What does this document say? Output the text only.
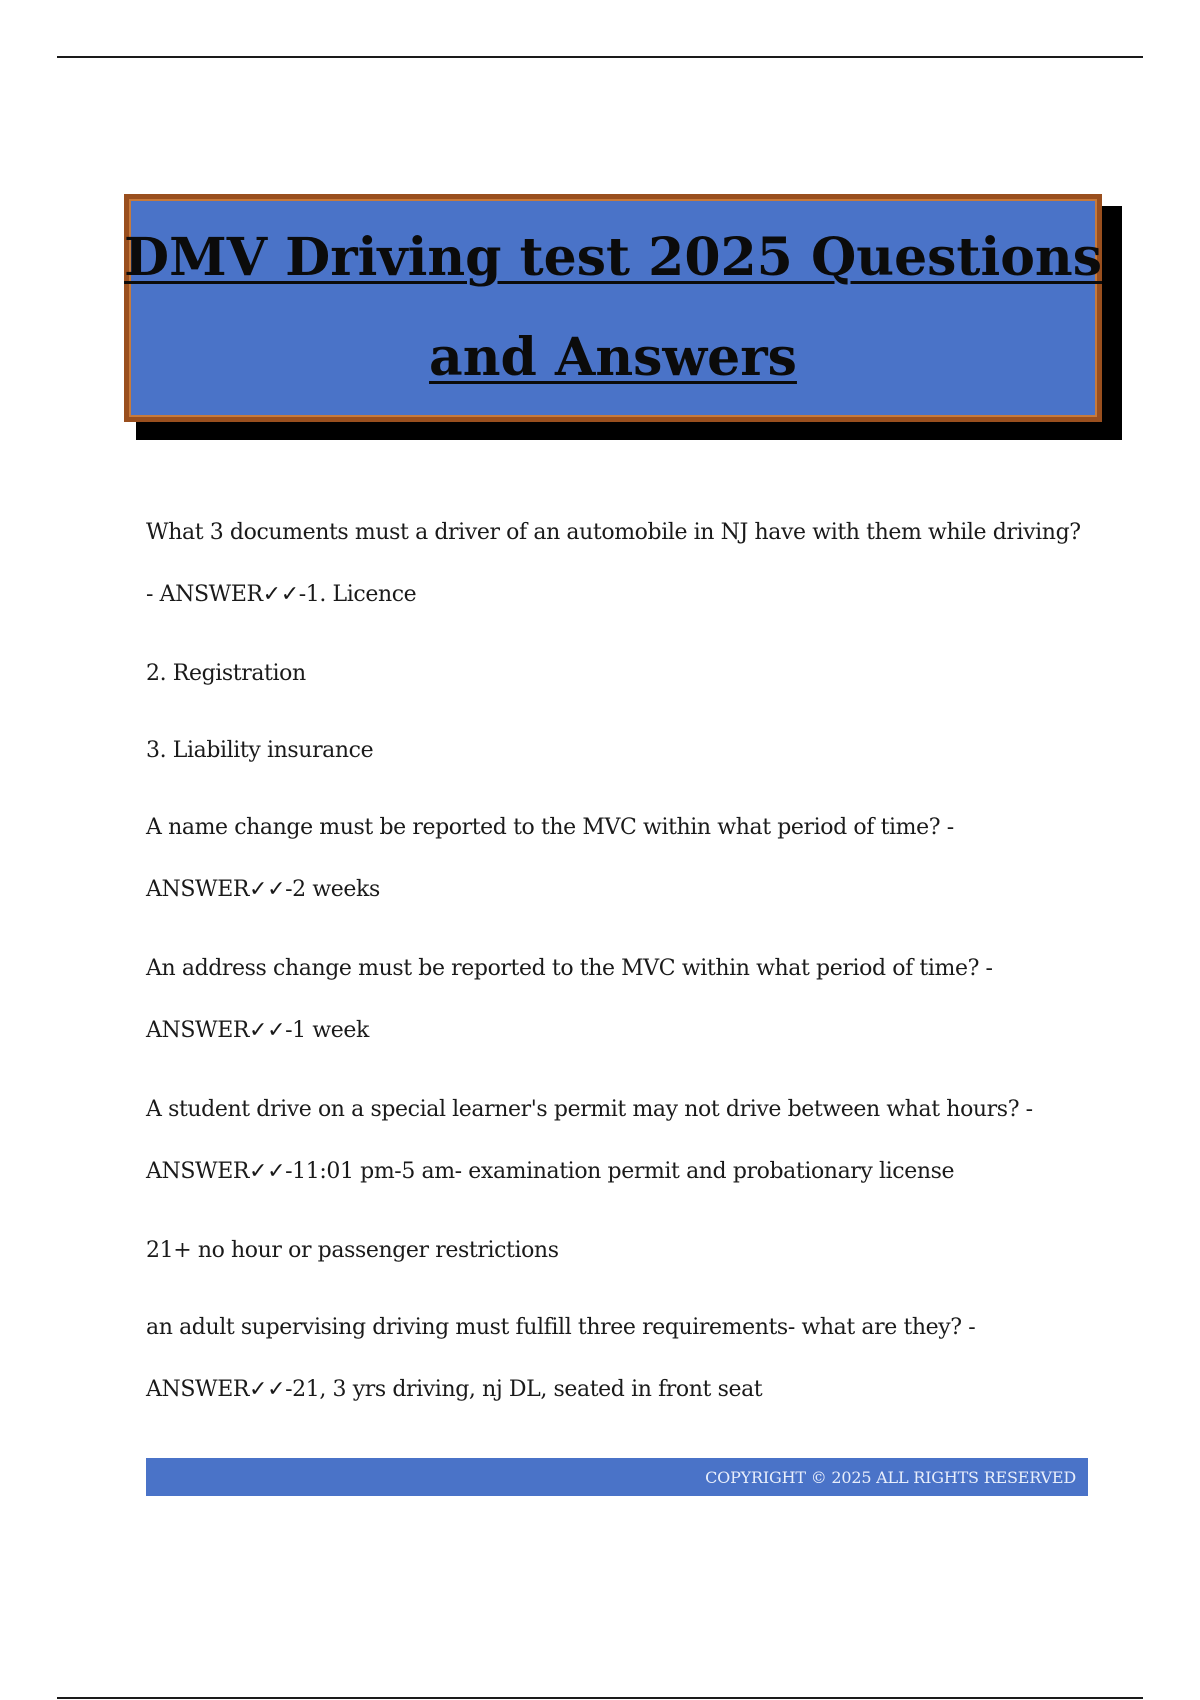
DMV Driving test 2025 Questions
and Answers
What 3 documents must a driver of an automobile in NJ have with them while driving?
- ANSWER✓✓-1. Licence
2. Registration
3. Liability insurance
A name change must be reported to the MVC within what period of time? -
ANSWER✓✓-2 weeks
An address change must be reported to the MVC within what period of time? -
ANSWER✓✓-1 week
A student drive on a special learner's permit may not drive between what hours? -
ANSWER✓✓-11:01 pm-5 am- examination permit and probationary license
21+ no hour or passenger restrictions
an adult supervising driving must fulfill three requirements- what are they? -
ANSWER✓✓-21, 3 yrs driving, nj DL, seated in front seat
COPYRIGHT © 2025 ALL RIGHTS RESERVED
